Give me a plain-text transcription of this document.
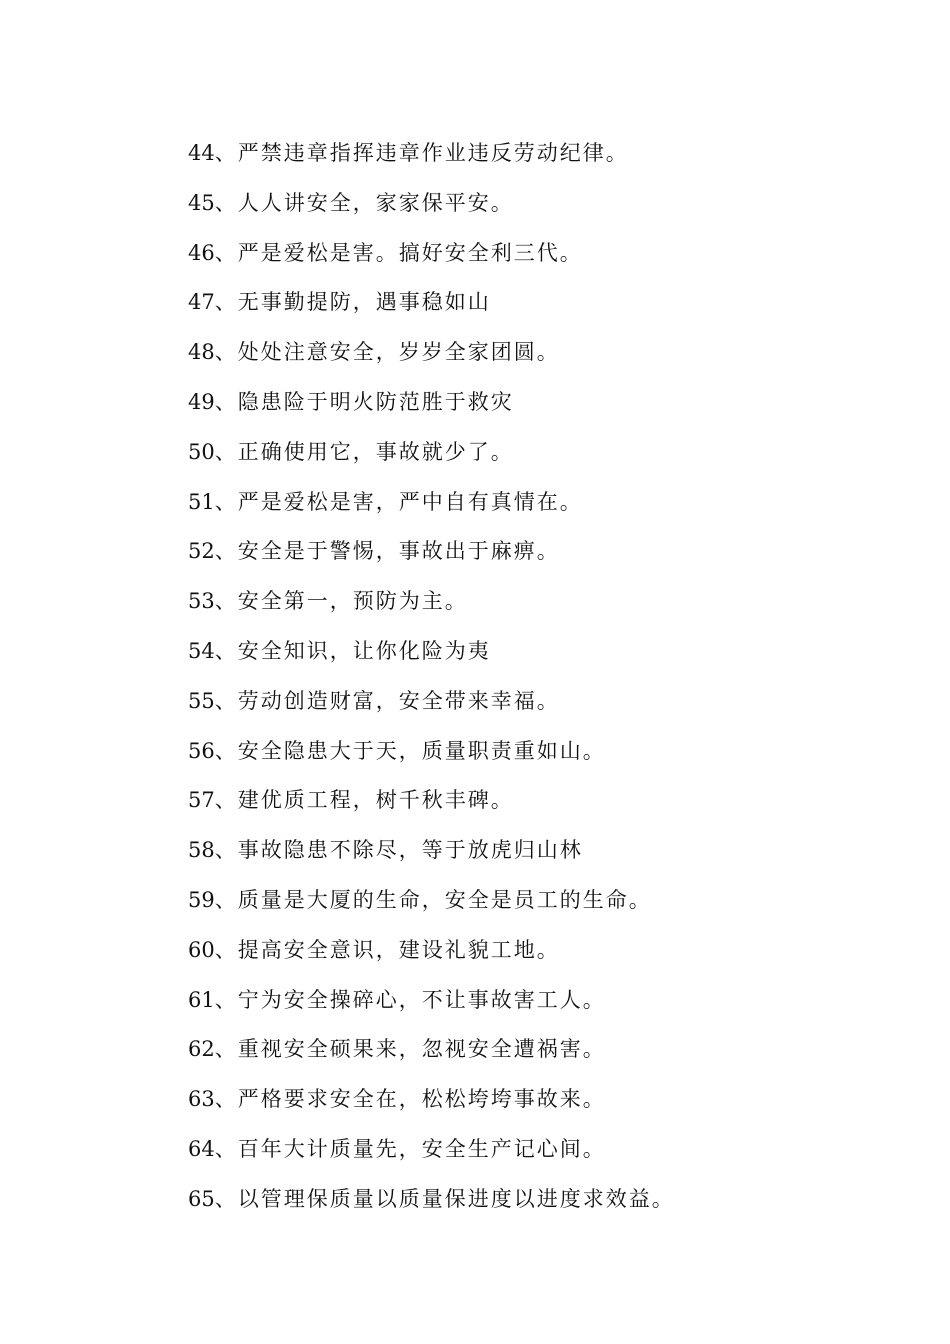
44、严禁违章指挥违章作业违反劳动纪律。
45、人人讲安全，家家保平安。
46、严是爱松是害。搞好安全利三代。
47、无事勤提防，遇事稳如山
48、处处注意安全，岁岁全家团圆。
49、隐患险于明火防范胜于救灾
50、正确使用它，事故就少了。
51、严是爱松是害，严中自有真情在。
52、安全是于警惕，事故出于麻痹。
53、安全第一，预防为主。
54、安全知识，让你化险为夷
55、劳动创造财富，安全带来幸福。
56、安全隐患大于天，质量职责重如山。
57、建优质工程，树千秋丰碑。
58、事故隐患不除尽，等于放虎归山林
59、质量是大厦的生命，安全是员工的生命。
60、提高安全意识，建设礼貌工地。
61、宁为安全操碎心，不让事故害工人。
62、重视安全硕果来，忽视安全遭祸害。
63、严格要求安全在，松松垮垮事故来。
64、百年大计质量先，安全生产记心间。
65、以管理保质量以质量保进度以进度求效益。
